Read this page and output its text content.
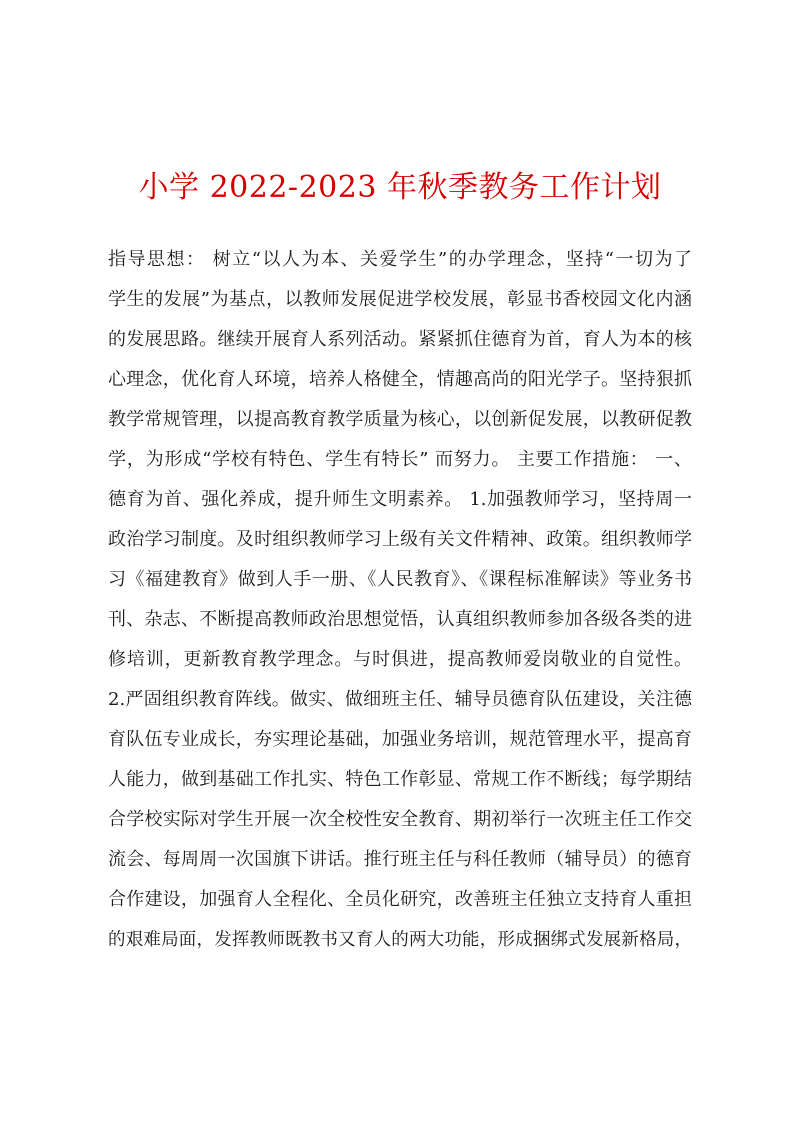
小学 2022-2023 年秋季教务工作计划
指导思想： 树立“以人为本、关爱学生”的办学理念，坚持“一切为了
学生的发展”为基点，以教师发展促进学校发展，彰显书香校园文化内涵
的发展思路。继续开展育人系列活动。紧紧抓住德育为首，育人为本的核
心理念，优化育人环境，培养人格健全，情趣高尚的阳光学子。坚持狠抓
教学常规管理，以提高教育教学质量为核心，以创新促发展，以教研促教
学，为形成“学校有特色、学生有特长” 而努力。 主要工作措施： 一、
德育为首、强化养成，提升师生文明素养。 1.加强教师学习，坚持周一
政治学习制度。及时组织教师学习上级有关文件精神、政策。组织教师学
习《福建教育》做到人手一册、《人民教育》、《课程标准解读》等业务书
刊、杂志、不断提高教师政治思想觉悟，认真组织教师参加各级各类的进
修培训，更新教育教学理念。与时俱进，提高教师爱岗敬业的自觉性。
2.严固组织教育阵线。做实、做细班主任、辅导员德育队伍建设，关注德
育队伍专业成长，夯实理论基础，加强业务培训，规范管理水平，提高育
人能力，做到基础工作扎实、特色工作彰显、常规工作不断线；每学期结
合学校实际对学生开展一次全校性安全教育、期初举行一次班主任工作交
流会、每周周一次国旗下讲话。推行班主任与科任教师（辅导员）的德育
合作建设，加强育人全程化、全员化研究，改善班主任独立支持育人重担
的艰难局面，发挥教师既教书又育人的两大功能，形成捆绑式发展新格局，
